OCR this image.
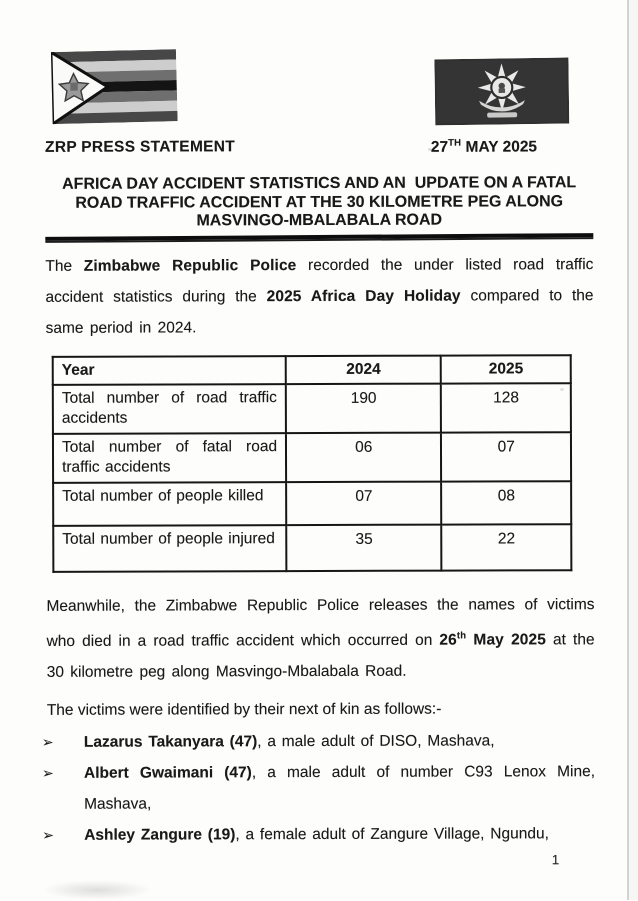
ZRP PRESS STATEMENT	27TH MAY 2025
AFRICA DAY ACCIDENT STATISTICS AND AN  UPDATE ON A FATAL
ROAD TRAFFIC ACCIDENT AT THE 30 KILOMETRE PEG ALONG
MASVINGO-MBALABALA ROAD

The Zimbabwe Republic Police recorded the under listed road traffic accident statistics during the 2025 Africa Day Holiday compared to the same period in 2024.

Year	2024	2025
Total number of road traffic accidents	190	128
Total number of fatal road traffic accidents	06	07
Total number of people killed	07	08
Total number of people injured	35	22

Meanwhile, the Zimbabwe Republic Police releases the names of victims who died in a road traffic accident which occurred on 26th May 2025 at the 30 kilometre peg along Masvingo-Mbalabala Road.

The victims were identified by their next of kin as follows:-

➢ Lazarus Takanyara (47), a male adult of DISO, Mashava,
➢ Albert Gwaimani (47), a male adult of number C93 Lenox Mine, Mashava,
➢ Ashley Zangure (19), a female adult of Zangure Village, Ngundu,
1
